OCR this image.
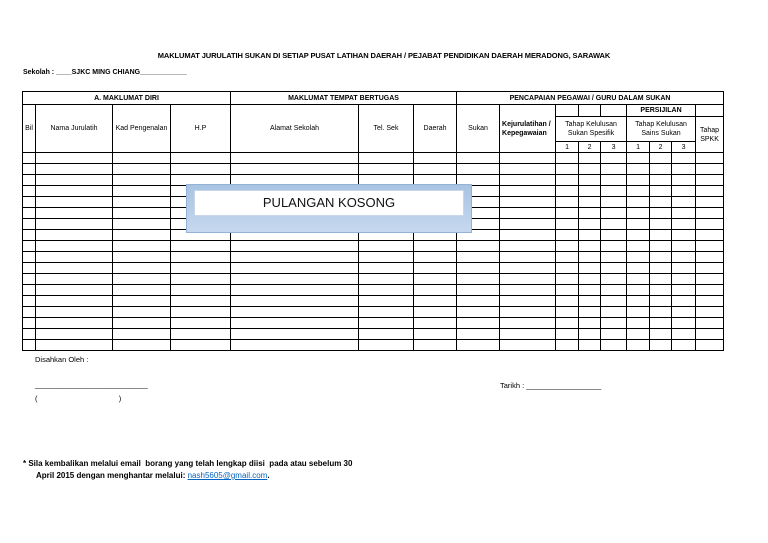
MAKLUMAT JURULATIH SUKAN DI SETIAP PUSAT LATIHAN DAERAH / PEJABAT PENDIDIKAN DAERAH MERADONG, SARAWAK
Sekolah : ____SJKC MING CHIANG____________
A. MAKLUMAT DIRI				MAKLUMAT TEMPAT BERTUGAS			PENCAPAIAN PEGAWAI / GURU DALAM SUKAN								
Bil	Nama Jurulatih	Kad Pengenalan	H.P	Alamat Sekolah	Tel. Sek	Daerah	Sukan	Kejurulatihan / Kepegawaian				PERSIJILAN			
									Tahap Kelulusan Sukan Spesifik			Tahap Kelulusan Sains Sukan			Tahap SPKK
									1	2	3	1	2	3	

PULANGAN KOSONG
Disahkan Oleh :
___________________________
(                                       )
Tarikh : __________________
* Sila kembalikan melalui email  borang yang telah lengkap diisi  pada atau sebelum 30
April 2015 dengan menghantar melalui: nash5605@gmail.com.
